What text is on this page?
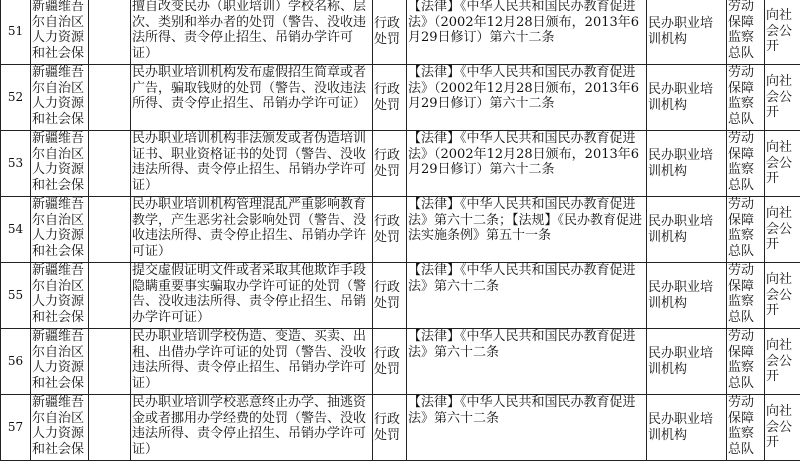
51	新疆维吾尔自治区人力资源和社会保		擅自改变民办（职业培训）学校名称、层次、类别和举办者的处罚（警告、没收违法所得、责令停止招生、吊销办学许可证）	行政处罚	【法律】《中华人民共和国民办教育促进法》（2002年12月28日颁布，2013年6月29日修订）第六十二条	民办职业培训机构	劳动保障监察总队	向社会公开

52	新疆维吾尔自治区人力资源和社会保		民办职业培训机构发布虚假招生简章或者广告，骗取钱财的处罚（警告、没收违法所得、责令停止招生、吊销办学许可证）	行政处罚	【法律】《中华人民共和国民办教育促进法》（2002年12月28日颁布，2013年6月29日修订）第六十二条	民办职业培训机构	劳动保障监察总队	向社会公开

53	新疆维吾尔自治区人力资源和社会保		民办职业培训机构非法颁发或者伪造培训证书、职业资格证书的处罚（警告、没收违法所得、责令停止招生、吊销办学许可证）	行政处罚	【法律】《中华人民共和国民办教育促进法》（2002年12月28日颁布，2013年6月29日修订）第六十二条	民办职业培训机构	劳动保障监察总队	向社会公开

54	新疆维吾尔自治区人力资源和社会保		民办职业培训机构管理混乱严重影响教育教学，产生恶劣社会影响处罚（警告、没收违法所得、责令停止招生、吊销办学许可证）	行政处罚	【法律】《中华人民共和国民办教育促进法》第六十二条；【法规】《民办教育促进法实施条例》第五十一条	民办职业培训机构	劳动保障监察总队	向社会公开

55	新疆维吾尔自治区人力资源和社会保		提交虚假证明文件或者采取其他欺诈手段隐瞒重要事实骗取办学许可证的处罚（警告、没收违法所得、责令停止招生、吊销办学许可证）	行政处罚	【法律】《中华人民共和国民办教育促进法》第六十二条	民办职业培训机构	劳动保障监察总队	向社会公开

56	新疆维吾尔自治区人力资源和社会保		民办职业培训学校伪造、变造、买卖、出租、出借办学许可证的处罚（警告、没收违法所得、责令停止招生、吊销办学许可证）	行政处罚	【法律】《中华人民共和国民办教育促进法》第六十二条	民办职业培训机构	劳动保障监察总队	向社会公开

57	新疆维吾尔自治区人力资源和社会保		民办职业培训学校恶意终止办学、抽逃资金或者挪用办学经费的处罚（警告、没收违法所得、责令停止招生、吊销办学许可证）	行政处罚	【法律】《中华人民共和国民办教育促进法》第六十二条	民办职业培训机构	劳动保障监察总队	向社会公开
